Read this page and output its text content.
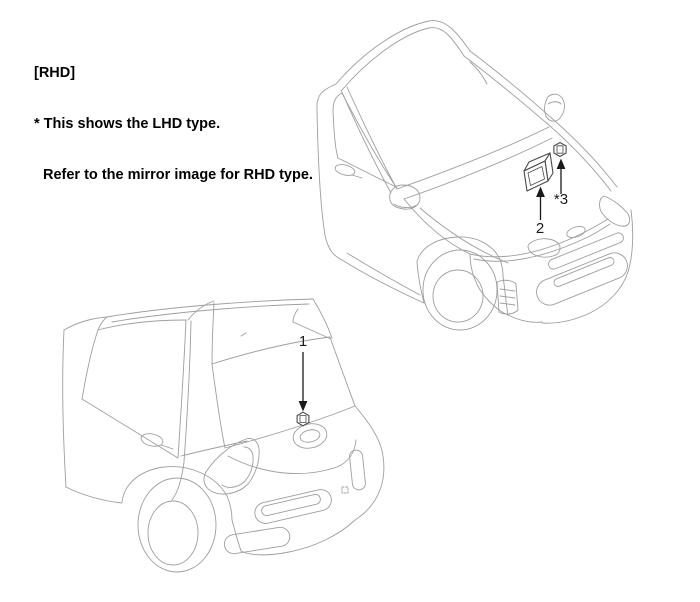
[RHD]

* This shows the LHD type.

Refer to the mirror image for RHD type.

1
2
*3
